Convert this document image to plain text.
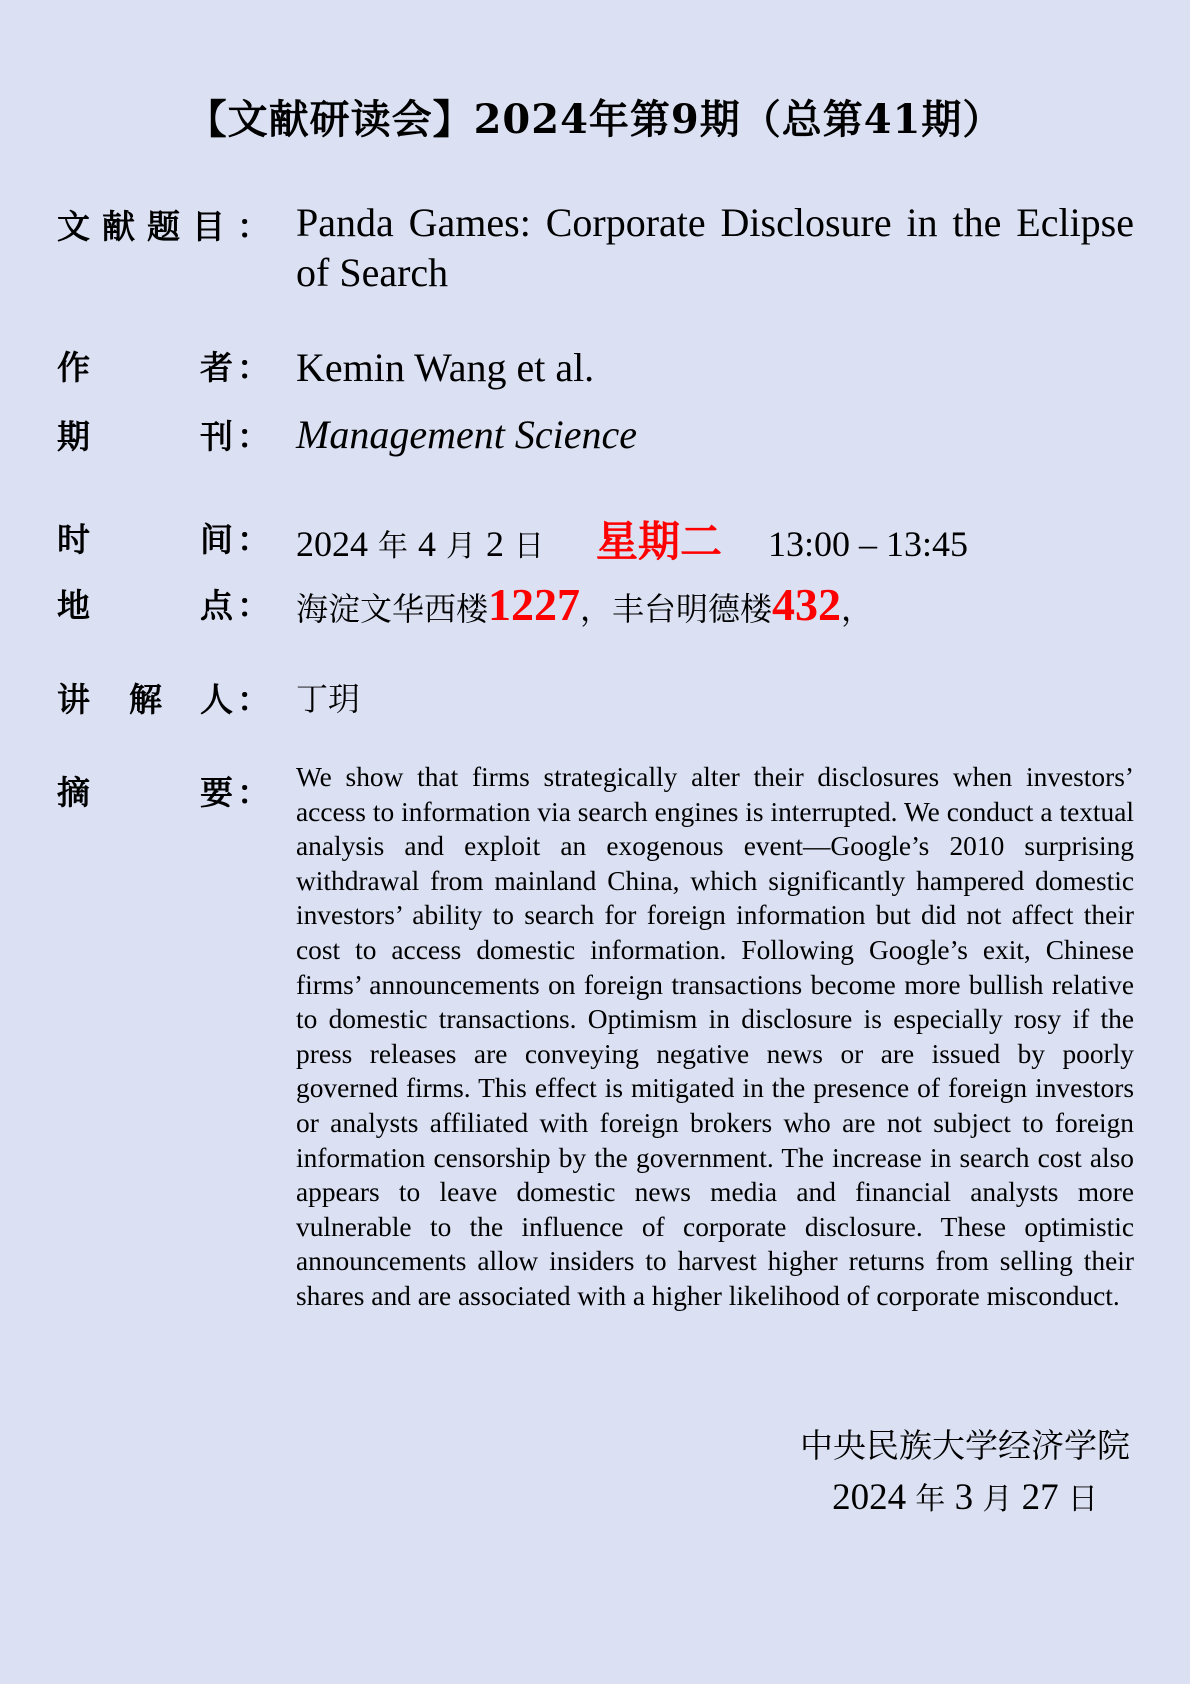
【文献研读会】2024年第9期（总第41期）
文 献 题 目 ： Panda Games: Corporate Disclosure in the Eclipse of Search
作	者 ： Kemin Wang et al.
期	刊 ： Management Science
时	间 ： 2024 年 4 月 2 日 星期二 13:00 – 13:45
地	点 ： 海淀文华西楼1227，丰台明德楼432，
讲 解 人 ： 丁玥
摘	要 ： We show that firms strategically alter their disclosures when investors’ access to information via search engines is interrupted. We conduct a textual analysis and exploit an exogenous event—Google’s 2010 surprising withdrawal from mainland China, which significantly hampered domestic investors’ ability to search for foreign information but did not affect their cost to access domestic information. Following Google’s exit, Chinese firms’ announcements on foreign transactions become more bullish relative to domestic transactions. Optimism in disclosure is especially rosy if the press releases are conveying negative news or are issued by poorly governed firms. This effect is mitigated in the presence of foreign investors or analysts affiliated with foreign brokers who are not subject to foreign information censorship by the government. The increase in search cost also appears to leave domestic news media and financial analysts more vulnerable to the influence of corporate disclosure. These optimistic announcements allow insiders to harvest higher returns from selling their shares and are associated with a higher likelihood of corporate misconduct.
中央民族大学经济学院
2024 年 3 月 27 日
